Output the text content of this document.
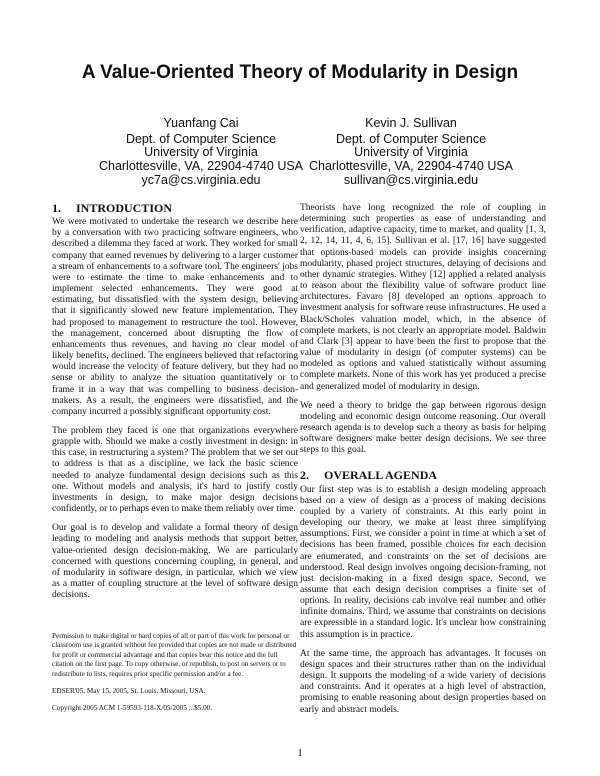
A Value-Oriented Theory of Modularity in Design
Yuanfang Cai
Dept. of Computer Science
University of Virginia
Charlottesville, VA, 22904-4740 USA
yc7a@cs.virginia.edu
Kevin J. Sullivan
Dept. of Computer Science
University of Virginia
Charlottesville, VA, 22904-4740 USA
sullivan@cs.virginia.edu
1. INTRODUCTION

We were motivated to undertake the research we describe here by a conversation with two practicing software engineers, who described a dilemma they faced at work. They worked for small company that earned revenues by delivering to a larger customer a stream of enhancements to a software tool. The engineers' jobs were to estimate the time to make enhancements and to implement selected enhancements. They were good at estimating, but dissatisfied with the system design, believing that it significantly slowed new feature implementation. They had proposed to management to restructure the tool. However, the management, concerned about disrupting the flow of enhancements thus revenues, and having no clear model of likely benefits, declined. The engineers believed that refactoring would increase the velocity of feature delivery, but they had no sense or ability to analyze the situation quantitatively or to frame it in a way that was compelling to business decision-makers. As a result, the engineers were dissatisfied, and the company incurred a possibly significant opportunity cost.

The problem they faced is one that organizations everywhere grapple with. Should we make a costly investment in design: in this case, in restructuring a system? The problem that we set out to address is that as a discipline, we lack the basic science needed to analyze fundamental design decisions such as this one. Without models and analysis, it's hard to justify costly investments in design, to make major design decisions confidently, or to perhaps even to make them reliably over time.

Our goal is to develop and validate a formal theory of design leading to modeling and analysis methods that support better, value-oriented design decision-making. We are particularly concerned with questions concerning coupling, in general, and of modularity in software design, in particular, which we view as a matter of coupling structure at the level of software design decisions.

Permission to make digital or hard copies of all or part of this work for personal or classroom use is granted without fee provided that copies are not made or distributed for profit or commercial advantage and that copies bear this notice and the full citation on the first page. To copy otherwise, or republish, to post on servers or to redistribute to lists, requires prior specific permission and/or a fee.

EDSER'05, May 15, 2005, St. Louis, Missouri, USA.

Copyright 2005 ACM 1-59593-118-X/05/2005 ...$5.00.

Theorists have long recognized the role of coupling in determining such properties as ease of understanding and verification, adaptive capacity, time to market, and quality [1, 3, 2, 12, 14, 11, 4, 6, 15]. Sullivan et al. [17, 16] have suggested that options-based models can provide insights concerning modularity, phased project structures, delaying of decisions and other dynamic strategies. Withey [12] applied a related analysis to reason about the flexibility value of software product line architectures. Favaro [8] developed an options approach to investment analysis for software reuse infrastructures. He used a Black/Scholes valuation model, which, in the absence of complete markets, is not clearly an appropriate model. Baldwin and Clark [3] appear to have been the first to propose that the value of modularity in design (of computer systems) can be modeled as options and valued statistically without assuming complete markets. None of this work has yet produced a precise and generalized model of modularity in design.

We need a theory to bridge the gap between rigorous design modeling and economic design outcome reasoning. Our overall research agenda is to develop such a theory as basis for helping software designers make better design decisions. We see three steps to this goal.

2. OVERALL AGENDA

Our first step was is to establish a design modeling approach based on a view of design as a process of making decisions coupled by a variety of constraints. At this early point in developing our theory, we make at least three simplifying assumptions. First, we consider a point in time at which a set of decisions has been framed, possible choices for each decision are enumerated, and constraints on the set of decisions are understood. Real design involves ongoing decision-framing, not just decision-making in a fixed design space. Second, we assume that each design decision comprises a finite set of options. In reality, decisions cab involve real number and other infinite domains. Third, we assume that constraints on decisions are expressible in a standard logic. It's unclear how constraining this assumption is in practice.

At the same time, the approach has advantages. It focuses on design spaces and their structures rather than on the individual design. It supports the modeling of a wide variety of decisions and constraints. And it operates at a high level of abstraction, promising to enable reasoning about design properties based on early and abstract models.

1
